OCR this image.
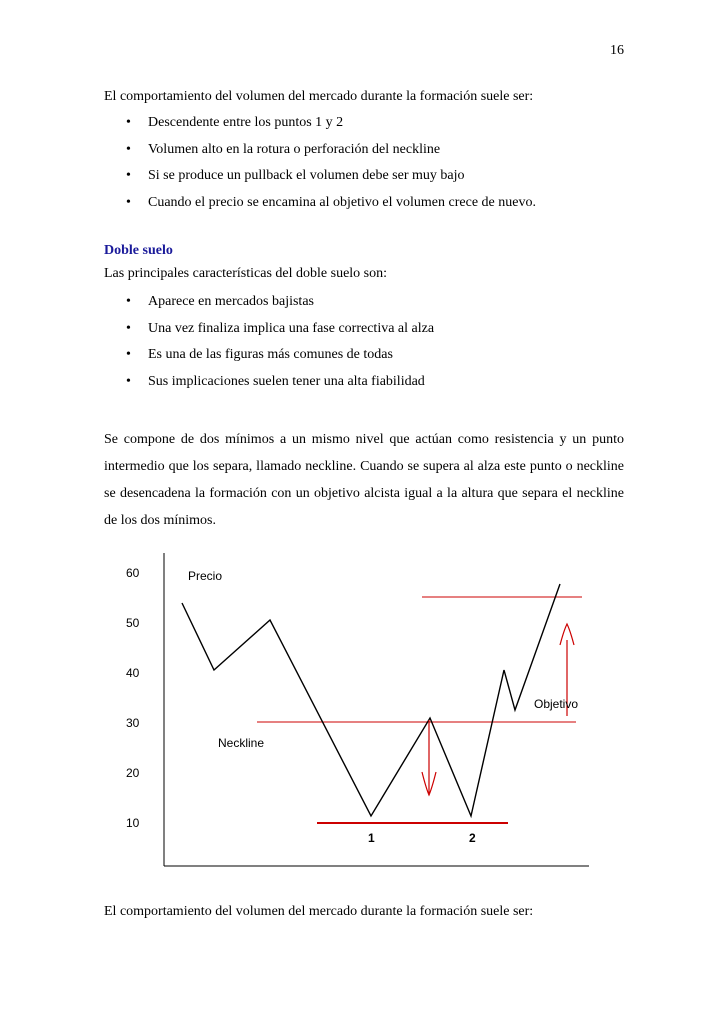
16

El comportamiento del volumen del mercado durante la formación suele ser:

• Descendente entre los puntos 1 y 2
• Volumen alto en la rotura o perforación del neckline
• Si se produce un pullback el volumen debe ser muy bajo
• Cuando el precio se encamina al objetivo el volumen crece de nuevo.
Doble suelo

Las principales características del doble suelo son:

• Aparece en mercados bajistas
• Una vez finaliza implica una fase correctiva al alza
• Es una de las figuras más comunes de todas
• Sus implicaciones suelen tener una alta fiabilidad

Se compone de dos mínimos a un mismo nivel que actúan como resistencia y un punto intermedio que los separa, llamado neckline. Cuando se supera al alza este punto o neckline se desencadena la formación con un objetivo alcista igual a la altura que separa el neckline de los dos mínimos.

60
50
40
30
20
10
Precio
Neckline
Objetivo
1	2

El comportamiento del volumen del mercado durante la formación suele ser:
